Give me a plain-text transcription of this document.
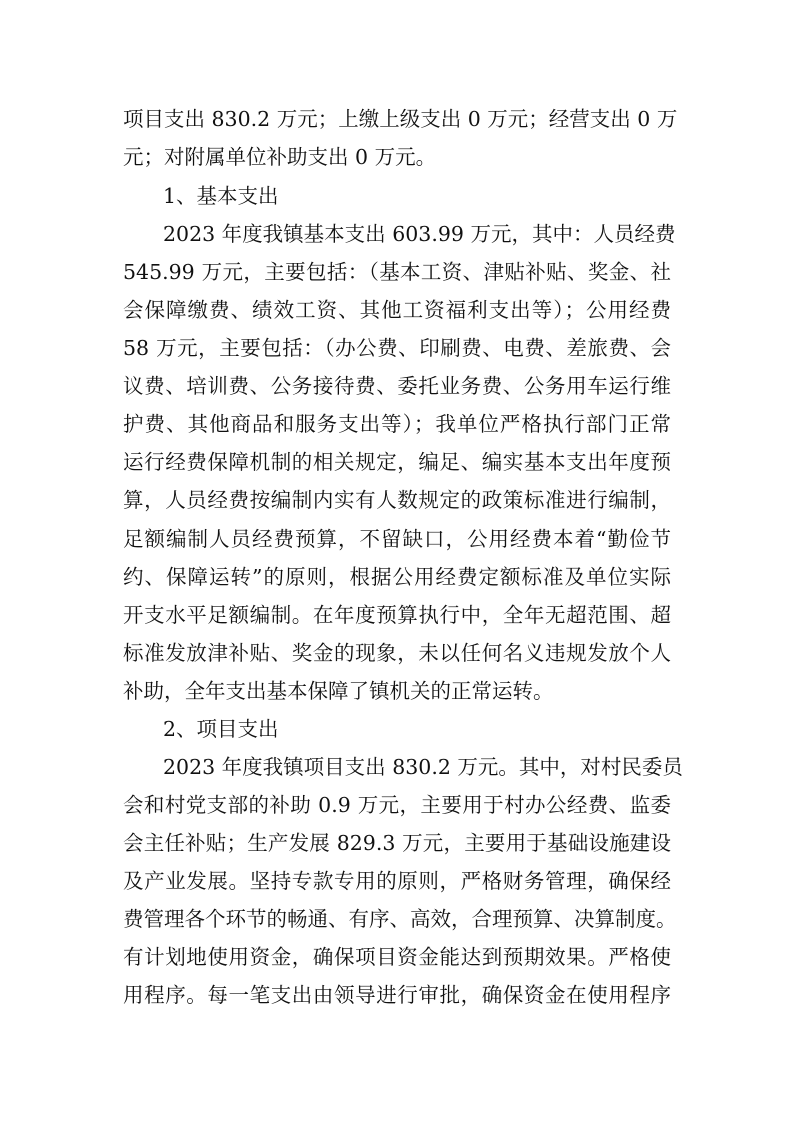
项目支出 830.2 万元；上缴上级支出 0 万元；经营支出 0 万
元；对附属单位补助支出 0 万元。
1、基本支出
2023 年度我镇基本支出 603.99 万元，其中：人员经费
545.99 万元，主要包括：（基本工资、津贴补贴、奖金、社
会保障缴费、绩效工资、其他工资福利支出等）；公用经费
58 万元，主要包括：（办公费、印刷费、电费、差旅费、会
议费、培训费、公务接待费、委托业务费、公务用车运行维
护费、其他商品和服务支出等）；我单位严格执行部门正常
运行经费保障机制的相关规定，编足、编实基本支出年度预
算，人员经费按编制内实有人数规定的政策标准进行编制，
足额编制人员经费预算，不留缺口，公用经费本着“勤俭节
约、保障运转”的原则，根据公用经费定额标准及单位实际
开支水平足额编制。在年度预算执行中，全年无超范围、超
标准发放津补贴、奖金的现象，未以任何名义违规发放个人
补助，全年支出基本保障了镇机关的正常运转。
2、项目支出
2023 年度我镇项目支出 830.2 万元。其中，对村民委员
会和村党支部的补助 0.9 万元，主要用于村办公经费、监委
会主任补贴；生产发展 829.3 万元，主要用于基础设施建设
及产业发展。坚持专款专用的原则，严格财务管理，确保经
费管理各个环节的畅通、有序、高效，合理预算、决算制度。
有计划地使用资金，确保项目资金能达到预期效果。严格使
用程序。每一笔支出由领导进行审批，确保资金在使用程序
